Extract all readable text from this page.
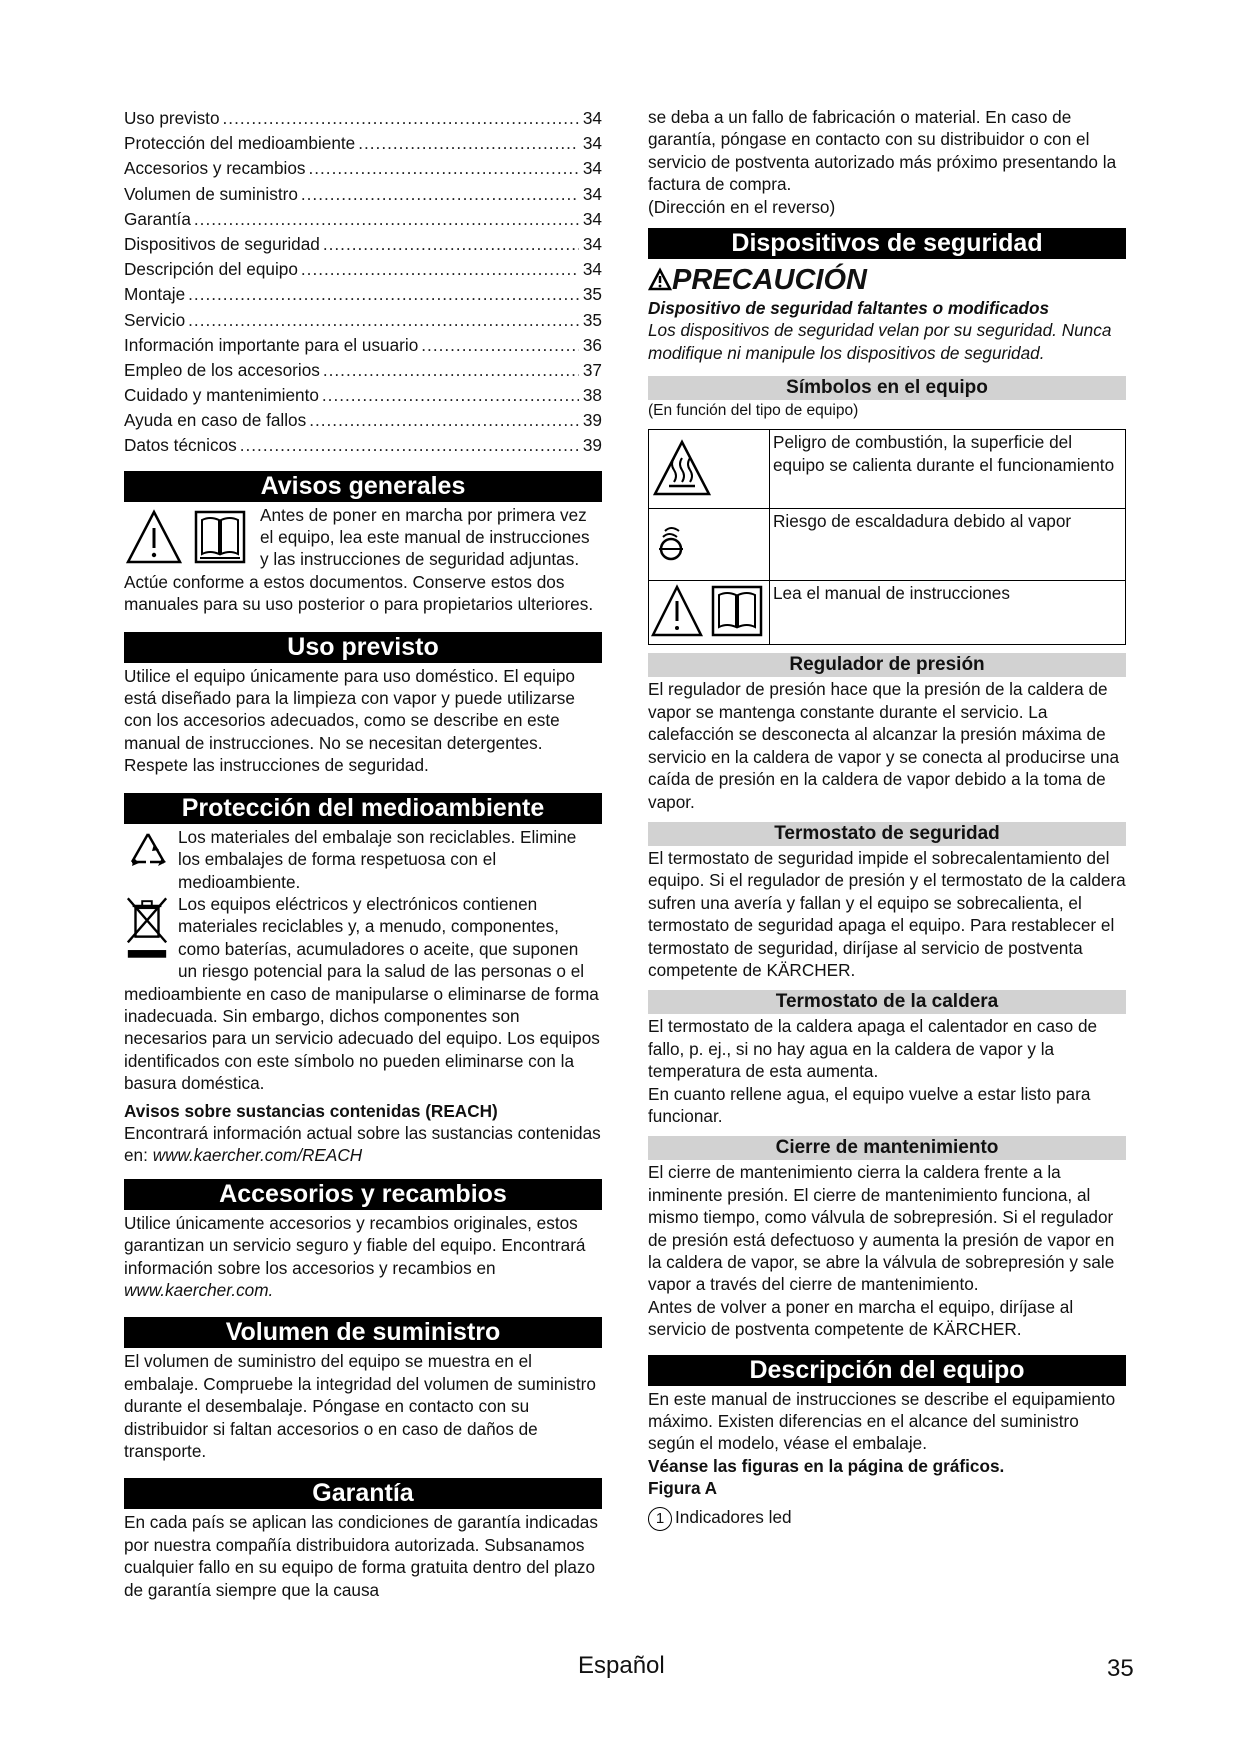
Uso previsto .....	34
Protección del medioambiente .....	34
Accesorios y recambios .....	34
Volumen de suministro .....	34
Garantía .....	34
Dispositivos de seguridad .....	34
Descripción del equipo .....	34
Montaje .....	35
Servicio .....	35
Información importante para el usuario .....	36
Empleo de los accesorios .....	37
Cuidado y mantenimiento .....	38
Ayuda en caso de fallos .....	39
Datos técnicos .....	39
Avisos generales

Antes de poner en marcha por primera vez el equipo, lea este manual de instrucciones y las instrucciones de seguridad adjuntas. Actúe conforme a estos documentos. Conserve estos dos manuales para su uso posterior o para propietarios ulteriores.

Uso previsto

Utilice el equipo únicamente para uso doméstico. El equipo está diseñado para la limpieza con vapor y puede utilizarse con los accesorios adecuados, como se describe en este manual de instrucciones. No se necesitan detergentes. Respete las instrucciones de seguridad.

Protección del medioambiente

Los materiales del embalaje son reciclables. Elimine los embalajes de forma respetuosa con el medioambiente.

Los equipos eléctricos y electrónicos contienen materiales reciclables y, a menudo, componentes, como baterías, acumuladores o aceite, que suponen un riesgo potencial para la salud de las personas o el medioambiente en caso de manipularse o eliminarse de forma inadecuada. Sin embargo, dichos componentes son necesarios para un servicio adecuado del equipo. Los equipos identificados con este símbolo no pueden eliminarse con la basura doméstica.

Avisos sobre sustancias contenidas (REACH)

Encontrará información actual sobre las sustancias contenidas en: www.kaercher.com/REACH

Accesorios y recambios

Utilice únicamente accesorios y recambios originales, estos garantizan un servicio seguro y fiable del equipo. Encontrará información sobre los accesorios y recambios en www.kaercher.com.

Volumen de suministro

El volumen de suministro del equipo se muestra en el embalaje. Compruebe la integridad del volumen de suministro durante el desembalaje. Póngase en contacto con su distribuidor si faltan accesorios o en caso de daños de transporte.

Garantía

En cada país se aplican las condiciones de garantía indicadas por nuestra compañía distribuidora autorizada. Subsanamos cualquier fallo en su equipo de forma gratuita dentro del plazo de garantía siempre que la causa

se deba a un fallo de fabricación o material. En caso de garantía, póngase en contacto con su distribuidor o con el servicio de postventa autorizado más próximo presentando la factura de compra.

(Dirección en el reverso)

Dispositivos de seguridad
PRECAUCIÓN

Dispositivo de seguridad faltantes o modificados

Los dispositivos de seguridad velan por su seguridad. Nunca modifique ni manipule los dispositivos de seguridad.

Símbolos en el equipo

(En función del tipo de equipo)

	Peligro de combustión, la superficie del equipo se calienta durante el funcionamiento
	Riesgo de escaldadura debido al vapor
	Lea el manual de instrucciones
Regulador de presión

El regulador de presión hace que la presión de la caldera de vapor se mantenga constante durante el servicio. La calefacción se desconecta al alcanzar la presión máxima de servicio en la caldera de vapor y se conecta al producirse una caída de presión en la caldera de vapor debido a la toma de vapor.

Termostato de seguridad

El termostato de seguridad impide el sobrecalentamiento del equipo. Si el regulador de presión y el termostato de la caldera sufren una avería y fallan y el equipo se sobrecalienta, el termostato de seguridad apaga el equipo. Para restablecer el termostato de seguridad, diríjase al servicio de postventa competente de KÄRCHER.

Termostato de la caldera

El termostato de la caldera apaga el calentador en caso de fallo, p. ej., si no hay agua en la caldera de vapor y la temperatura de esta aumenta.

En cuanto rellene agua, el equipo vuelve a estar listo para funcionar.

Cierre de mantenimiento

El cierre de mantenimiento cierra la caldera frente a la inminente presión. El cierre de mantenimiento funciona, al mismo tiempo, como válvula de sobrepresión. Si el regulador de presión está defectuoso y aumenta la presión de vapor en la caldera de vapor, se abre la válvula de sobrepresión y sale vapor a través del cierre de mantenimiento.

Antes de volver a poner en marcha el equipo, diríjase al servicio de postventa competente de KÄRCHER.

Descripción del equipo

En este manual de instrucciones se describe el equipamiento máximo. Existen diferencias en el alcance del suministro según el modelo, véase el embalaje.

Véanse las figuras en la página de gráficos.

Figura A

1 Indicadores led

Español	35
